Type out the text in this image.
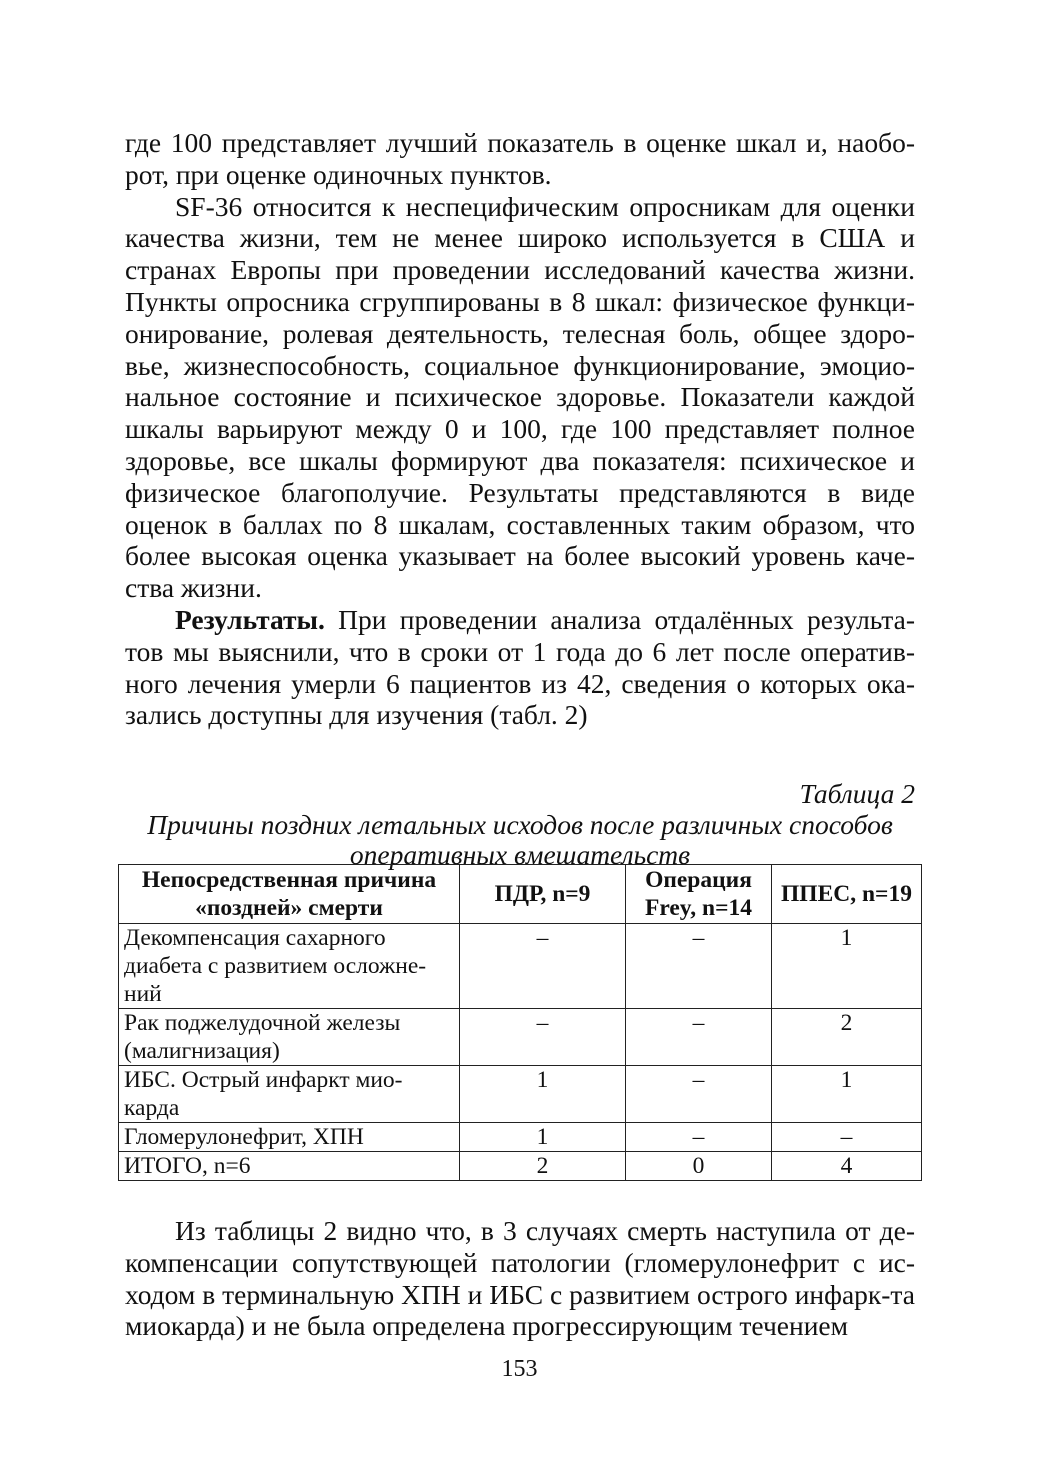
где 100 представляет лучший показатель в оценке шкал и, наобо-рот, при оценке одиночных пунктов.

SF-36 относится к неспецифическим опросникам для оценки качества жизни, тем не менее широко используется в США и странах Европы при проведении исследований качества жизни. Пункты опросника сгруппированы в 8 шкал: физическое функци-онирование, ролевая деятельность, телесная боль, общее здоро-вье, жизнеспособность, социальное функционирование, эмоцио-нальное состояние и психическое здоровье. Показатели каждой шкалы варьируют между 0 и 100, где 100 представляет полное здоровье, все шкалы формируют два показателя: психическое и физическое благополучие. Результаты представляются в виде оценок в баллах по 8 шкалам, составленных таким образом, что более высокая оценка указывает на более высокий уровень каче-ства жизни.

Результаты. При проведении анализа отдалённых результа-тов мы выяснили, что в сроки от 1 года до 6 лет после оператив-ного лечения умерли 6 пациентов из 42, сведения о которых ока-зались доступны для изучения (табл. 2)

Таблица 2

Причины поздних летальных исходов после различных способов оперативных вмешательств

Непосредственная причина «поздней» смерти	ПДР, n=9	Операция Frey, n=14	ППЕС, n=19
Декомпенсация сахарного диабета с развитием осложне-ний	–	–	1
Рак поджелудочной железы (малигнизация)	–	–	2
ИБС. Острый инфаркт мио-карда	1	–	1
Гломерулонефрит, ХПН	1	–	–
ИТОГО, n=6	2	0	4

Из таблицы 2 видно что, в 3 случаях смерть наступила от де-компенсации сопутствующей патологии (гломерулонефрит с ис-ходом в терминальную ХПН и ИБС с развитием острого инфарк-та миокарда) и не была определена прогрессирующим течением

153
